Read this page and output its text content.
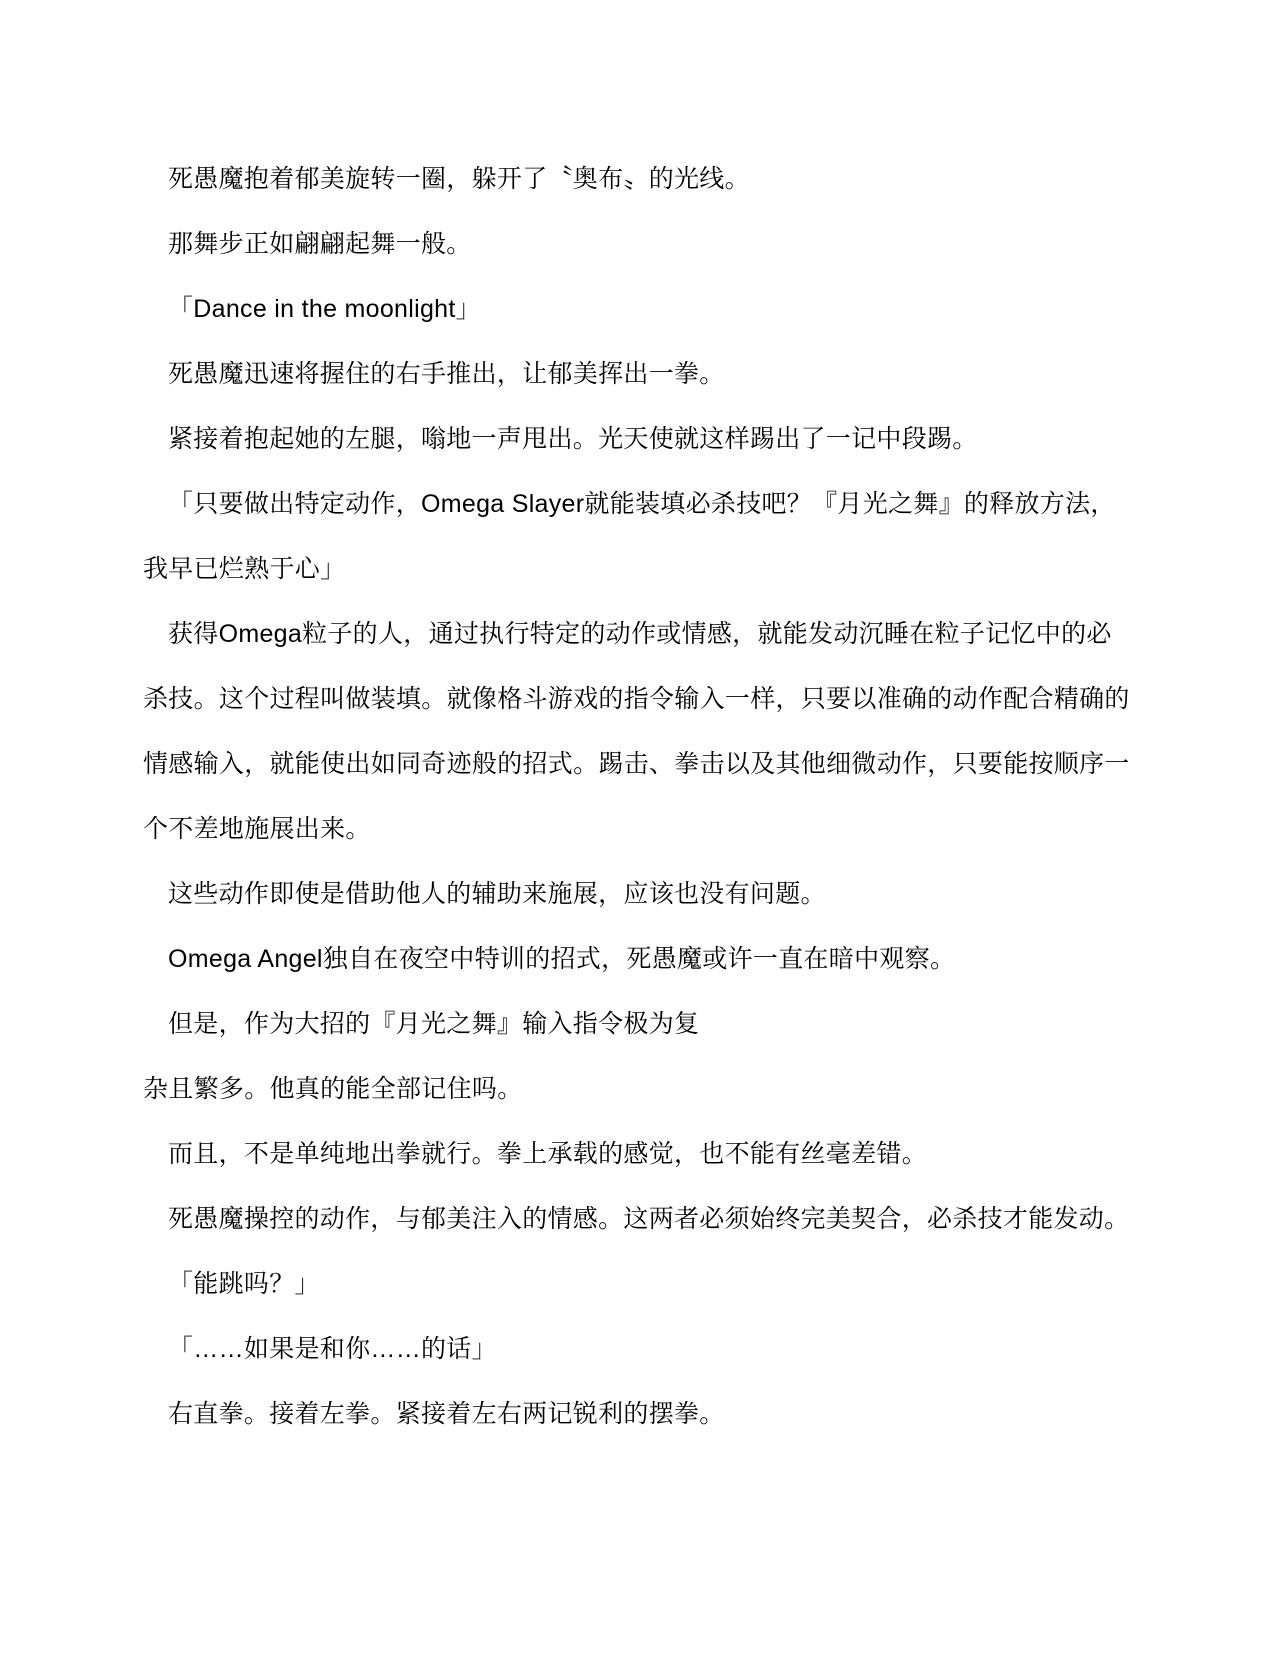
死愚魔抱着郁美旋转一圈，躲开了〝奥布〟的光线。
那舞步正如翩翩起舞一般。
「Dance in the moonlight」
死愚魔迅速将握住的右手推出，让郁美挥出一拳。
紧接着抱起她的左腿，嗡地一声甩出。光天使就这样踢出了一记中段踢。
「只要做出特定动作，Omega Slayer就能装填必杀技吧？『月光之舞』的释放方法，
我早已烂熟于心」
获得Omega粒子的人，通过执行特定的动作或情感，就能发动沉睡在粒子记忆中的必
杀技。这个过程叫做装填。就像格斗游戏的指令输入一样，只要以准确的动作配合精确的
情感输入，就能使出如同奇迹般的招式。踢击、拳击以及其他细微动作，只要能按顺序一
个不差地施展出来。
这些动作即使是借助他人的辅助来施展，应该也没有问题。
Omega Angel独自在夜空中特训的招式，死愚魔或许一直在暗中观察。
但是，作为大招的『月光之舞』输入指令极为复
杂且繁多。他真的能全部记住吗。
而且，不是单纯地出拳就行。拳上承载的感觉，也不能有丝毫差错。
死愚魔操控的动作，与郁美注入的情感。这两者必须始终完美契合，必杀技才能发动。
「能跳吗？」
「……如果是和你……的话」
右直拳。接着左拳。紧接着左右两记锐利的摆拳。
